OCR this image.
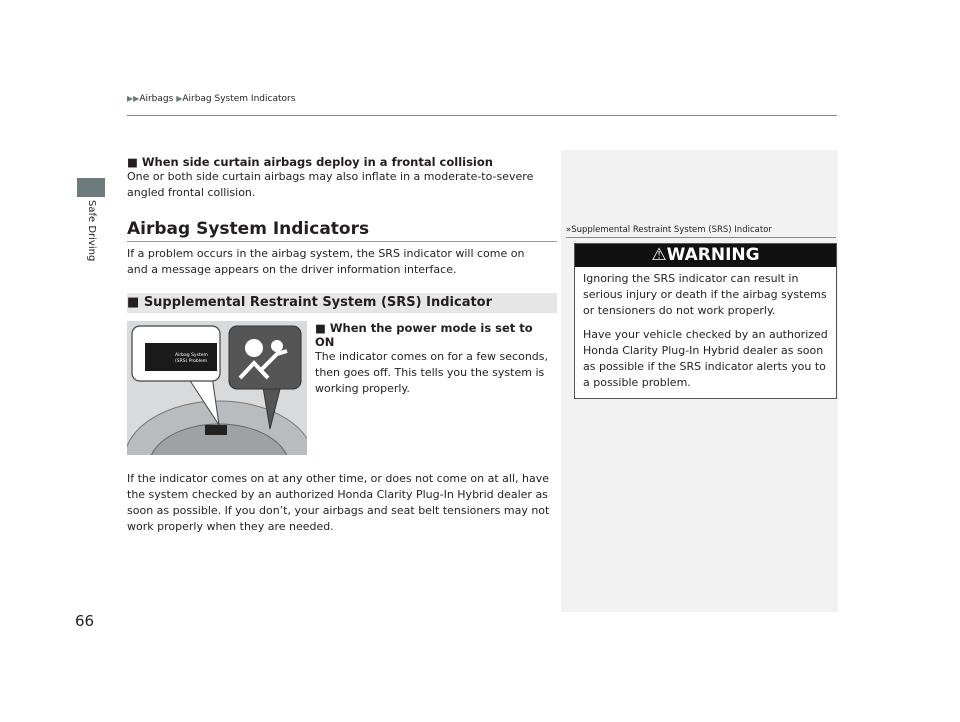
▶▶Airbags ▶Airbag System Indicators
Safe Driving
■ When side curtain airbags deploy in a frontal collision
One or both side curtain airbags may also inflate in a moderate-to-severe angled frontal collision.
Airbag System Indicators
If a problem occurs in the airbag system, the SRS indicator will come on and a message appears on the driver information interface.
■ Supplemental Restraint System (SRS) Indicator
Airbag System (SRS) Problem
■ When the power mode is set to ON
The indicator comes on for a few seconds, then goes off. This tells you the system is working properly.
If the indicator comes on at any other time, or does not come on at all, have the system checked by an authorized Honda Clarity Plug-In Hybrid dealer as soon as possible. If you don’t, your airbags and seat belt tensioners may not work properly when they are needed.
»Supplemental Restraint System (SRS) Indicator
⚠WARNING
Ignoring the SRS indicator can result in serious injury or death if the airbag systems or tensioners do not work properly.
Have your vehicle checked by an authorized Honda Clarity Plug-In Hybrid dealer as soon as possible if the SRS indicator alerts you to a possible problem.
66
